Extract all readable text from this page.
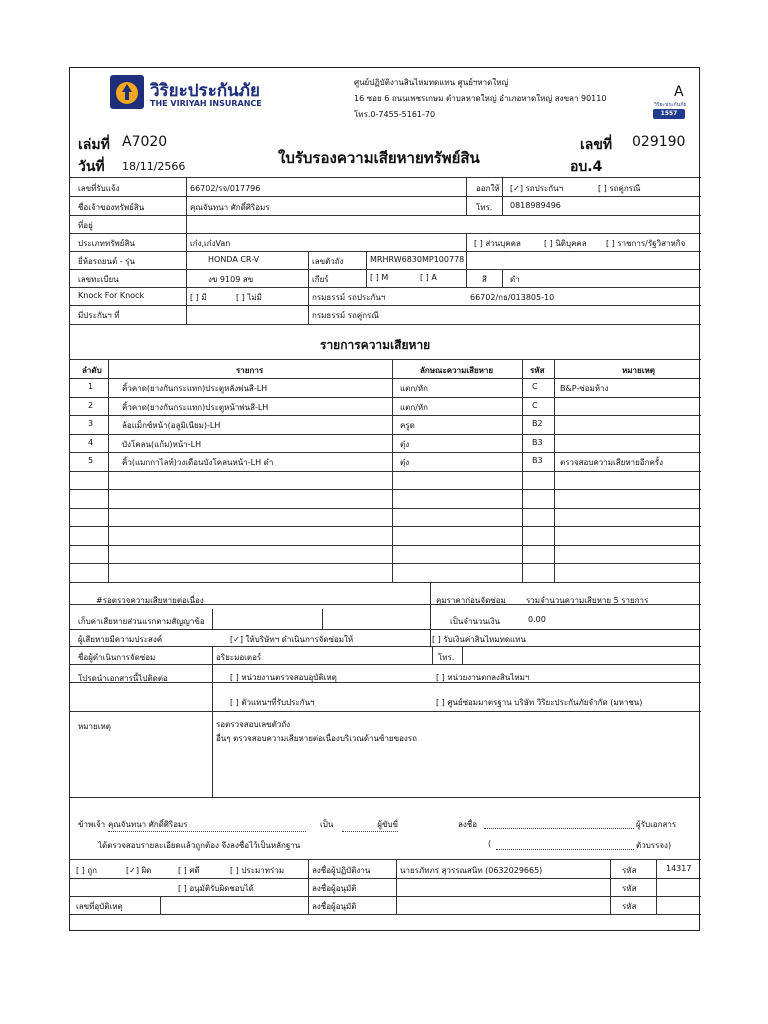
วิริยะประกันภัย
THE VIRIYAH INSURANCE
ศูนย์ปฏิบัติงานสินไหมทดแทน ศูนย์ฯหาดใหญ่
16 ซอย 6 ถนนเพชรเกษม ตำบลหาดใหญ่ อำเภอหาดใหญ่ สงขลา 90110
โทร.0-7455-5161-70
A
วิริยะประกันภัย
1557
เล่มที่ A7020
วันที่ 18/11/2566	ใบรับรองความเสียหายทรัพย์สิน
เลขที่ 029190
อบ.4
เลขที่รับแจ้ง	66702/รจ/017796	ออกให้ [✓] รถประกันฯ	[ ] รถคู่กรณี
ชื่อเจ้าของทรัพย์สิน	คุณจันทนา ศักดิ์ศิริอมร	โทร. 0818989496
ที่อยู่
ประเภททรัพย์สิน	เก๋ง,เก๋งVan	[ ] ส่วนบุคคล	[ ] นิติบุคคล [ ] ราชการ/รัฐวิสาหกิจ
ยี่ห้อรถยนต์ - รุ่น	HONDA CR-V	เลขตัวถัง	MRHRW6830MP100778
เลขทะเบียน	งข 9109 สข	เกียร์	[ ] M	[ ] A	สี	ดำ
Knock For Knock	[ ] มี	[ ] ไม่มี	กรมธรรม์ รถประกันฯ	66702/กธ/013805-10
มีประกันฯ ที่	กรมธรรม์ รถคู่กรณี
รายการความเสียหาย
#รอตรวจความเสียหายต่อเนื่อง	คุมราคาก่อนจัดซ่อม	รวมจำนวนความเสียหาย 5 รายการ
เก็บค่าเสียหายส่วนแรกตามสัญญาข้อ	เป็นจำนวนเงิน	0.00
ผู้เสียหายมีความประสงค์	[✓] ให้บริษัทฯ ดำเนินการจัดซ่อมให้	[ ] รับเงินค่าสินไหมทดแทน
ชื่อผู้ดำเนินการจัดซ่อม	อริยะมอเตอร์	โทร.
โปรดนำเอกสารนี้ไปติดต่อ	[ ] หน่วยงานตรวจสอบอุบัติเหตุ	[ ] หน่วยงานตกลงสินไหมฯ
[ ] ตัวแทนฯที่รับประกันฯ	[ ] ศูนย์ซ่อมมาตรฐาน บริษัท วิริยะประกันภัยจำกัด (มหาชน)
หมายเหตุ	รอตรวจสอบเลขตัวถัง
อื่นๆ ตรวจสอบความเสียหายต่อเนื่องบริเวณด้านซ้ายของรถ
ข้าพเจ้า คุณจันทนา ศักดิ์ศิริอมร	เป็น	ผู้ขับขี่	ลงชื่อ	ผู้รับเอกสาร
ได้ตรวจสอบรายละเอียดแล้วถูกต้อง จึงลงชื่อไว้เป็นหลักฐาน	(	ตัวบรรจง)
[ ] ถูก	[✓] ผิด	[ ] ศดี	[ ] ประมาทร่วม	ลงชื่อผู้ปฏิบัติงาน	นายรภัทภร สุวรรณสนิท (0632029665)	รหัส	14317
[ ] อนุมัติรับผิดชอบได้	ลงชื่อผู้อนุมัติ	รหัส
เลขที่อุบัติเหตุ	ลงชื่อผู้อนุมัติ	รหัส
ลำดับ	รายการ	ลักษณะความเสียหาย	รหัส	หมายเหตุ
1	คิ้วคาด(ยางกันกระแทก)ประตูหลังพ่นสี-LH	แตก/หัก	C	B&P-ซ่อมห้าง
2	คิ้วคาด(ยางกันกระแทก)ประตูหน้าพ่นสี-LH	แตก/หัก	C
3	ล้อแม็กซ์หน้า(อลูมิเนียม)-LH	ครูด	B2
4	บังโคลน(แก้ม)หน้า-LH	ตุ๋ง	B3
5	คิ้ว(แมกกาไลท์)วงเดือนบังโคลนหน้า-LH ดำ	ตุ๋ง	B3 ตรวจสอบความเสียหายอีกครั้ง
